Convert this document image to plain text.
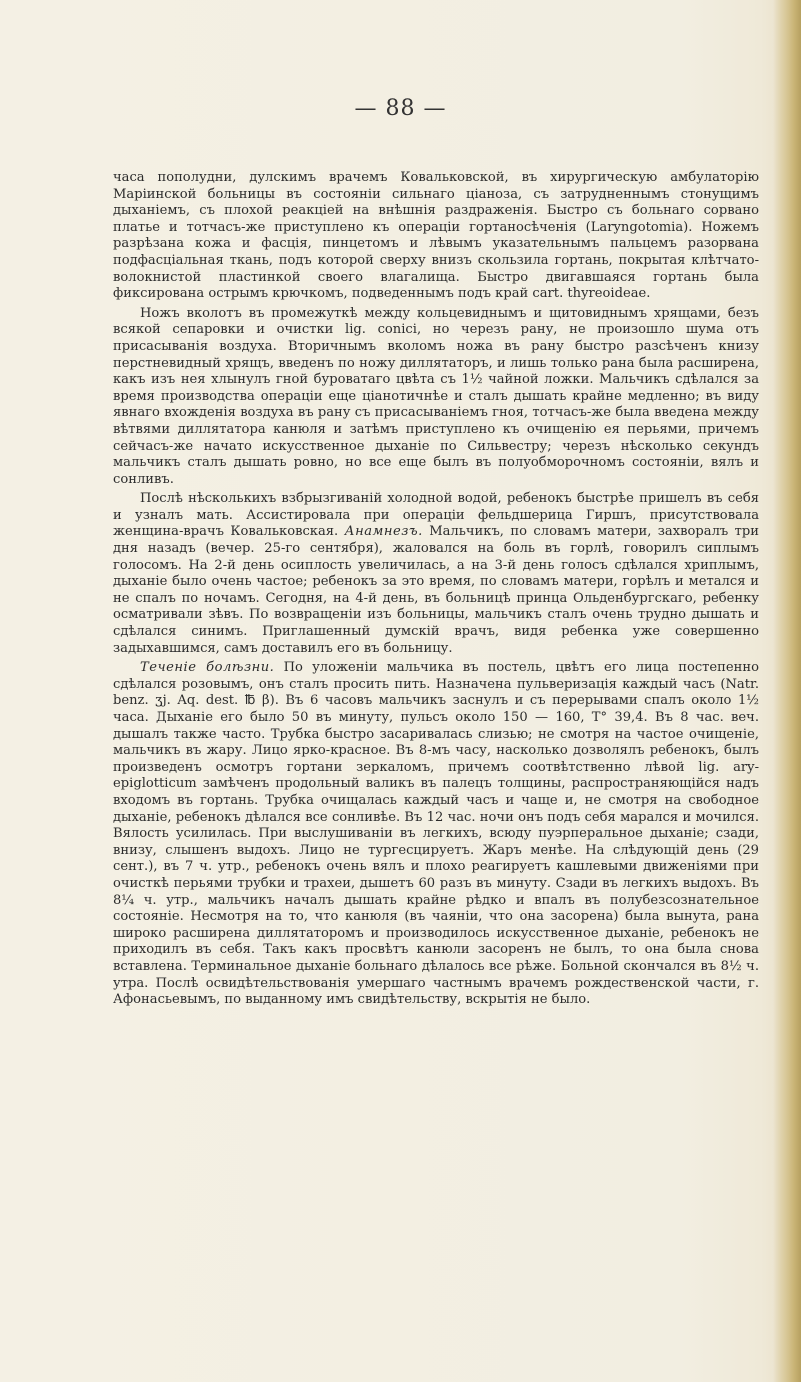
— 88 —

часа пополудни, дулскимъ врачемъ Ковальковской, въ хирургическую амбулаторію Маріинской больницы въ состояніи сильнаго ціаноза, съ затрудненнымъ стонущимъ дыханіемъ, съ плохой реакціей на внѣшнія раздраженія. Быстро съ больнаго сорвано платье и тотчасъ-же приступлено къ операціи гортаносѣченія (Laryngotomia). Ножемъ разрѣзана кожа и фасція, пинцетомъ и лѣвымъ указательнымъ пальцемъ разорвана подфасціальная ткань, подъ которой сверху внизъ скользила гортань, покрытая клѣтчато-волокнистой пластинкой своего влагалища. Быстро двигавшаяся гортань была фиксирована острымъ крючкомъ, подведеннымъ подъ край cart. thyreoideae.

Ножъ вколотъ въ промежуткѣ между кольцевиднымъ и щитовиднымъ хрящами, безъ всякой сепаровки и очистки lig. conici, но черезъ рану, не произошло шума отъ присасыванія воздуха. Вторичнымъ вколомъ ножа въ рану быстро разсѣченъ книзу перстневидный хрящъ, введенъ по ножу диллятаторъ, и лишь только рана была расширена, какъ изъ нея хлынулъ гной буроватаго цвѣта съ 1½ чайной ложки. Мальчикъ сдѣлался за время производства операціи еще ціанотичнѣе и сталъ дышать крайне медленно; въ виду явнаго вхожденія воздуха въ рану съ присасываніемъ гноя, тотчасъ-же была введена между вѣтвями диллятатора канюля и затѣмъ приступлено къ очищенію ея перьями, причемъ сейчасъ-же начато искусственное дыханіе по Сильвестру; черезъ нѣсколько секундъ мальчикъ сталъ дышать ровно, но все еще былъ въ полуобморочномъ состояніи, вялъ и сонливъ.

Послѣ нѣсколькихъ взбрызгиваній холодной водой, ребенокъ быстрѣе пришелъ въ себя и узналъ мать. Ассистировала при операціи фельдшерица Гиршъ, присутствовала женщина-врачъ Ковальковская. Анамнезъ. Мальчикъ, по словамъ матери, захворалъ три дня назадъ (вечер. 25-го сентября), жаловался на боль въ горлѣ, говорилъ сиплымъ голосомъ. На 2-й день осиплость увеличилась, а на 3-й день голосъ сдѣлался хриплымъ, дыханіе было очень частое; ребенокъ за это время, по словамъ матери, горѣлъ и метался и не спалъ по ночамъ. Сегодня, на 4-й день, въ больницѣ принца Ольденбургскаго, ребенку осматривали зѣвъ. По возвращеніи изъ больницы, мальчикъ сталъ очень трудно дышать и сдѣлался синимъ. Приглашенный думскій врачъ, видя ребенка уже совершенно задыхавшимся, самъ доставилъ его въ больницу.

Теченіе болѣзни. По уложеніи мальчика въ постель, цвѣтъ его лица постепенно сдѣлался розовымъ, онъ сталъ просить пить. Назначена пульверизація каждый часъ (Natr. benz. ʒj. Aq. dest. ℔ β). Въ 6 часовъ мальчикъ заснулъ и съ перерывами спалъ около 1½ часа. Дыханіе его было 50 въ минуту, пульсъ около 150 — 160, T° 39,4. Въ 8 час. веч. дышалъ также часто. Трубка быстро засаривалась слизью; не смотря на частое очищеніе, мальчикъ въ жару. Лицо ярко-красное. Въ 8-мъ часу, насколько дозволялъ ребенокъ, былъ произведенъ осмотръ гортани зеркаломъ, причемъ соотвѣтственно лѣвой lig. ary-epiglotticum замѣченъ продольный валикъ въ палецъ толщины, распространяющійся надъ входомъ въ гортань. Трубка очищалась каждый часъ и чаще и, не смотря на свободное дыханіе, ребенокъ дѣлался все сонливѣе. Въ 12 час. ночи онъ подъ себя марался и мочился. Вялость усилилась. При выслушиваніи въ легкихъ, всюду пуэрперальное дыханіе; сзади, внизу, слышенъ выдохъ. Лицо не тургесцируетъ. Жаръ менѣе. На слѣдующій день (29 сент.), въ 7 ч. утр., ребенокъ очень вялъ и плохо реагируетъ кашлевыми движеніями при очисткѣ перьями трубки и трахеи, дышетъ 60 разъ въ минуту. Сзади въ легкихъ выдохъ. Въ 8¼ ч. утр., мальчикъ началъ дышать крайне рѣдко и впалъ въ полубезсознательное состояніе. Несмотря на то, что канюля (въ чаяніи, что она засорена) была вынута, рана широко расширена диллятаторомъ и производилось искусственное дыханіе, ребенокъ не приходилъ въ себя. Такъ какъ просвѣтъ канюли засоренъ не былъ, то она была снова вставлена. Терминальное дыханіе больнаго дѣлалось все рѣже. Больной скончался въ 8½ ч. утра. Послѣ освидѣтельствованія умершаго частнымъ врачемъ рождественской части, г. Афонасьевымъ, по выданному имъ свидѣтельству, вскрытія не было.
